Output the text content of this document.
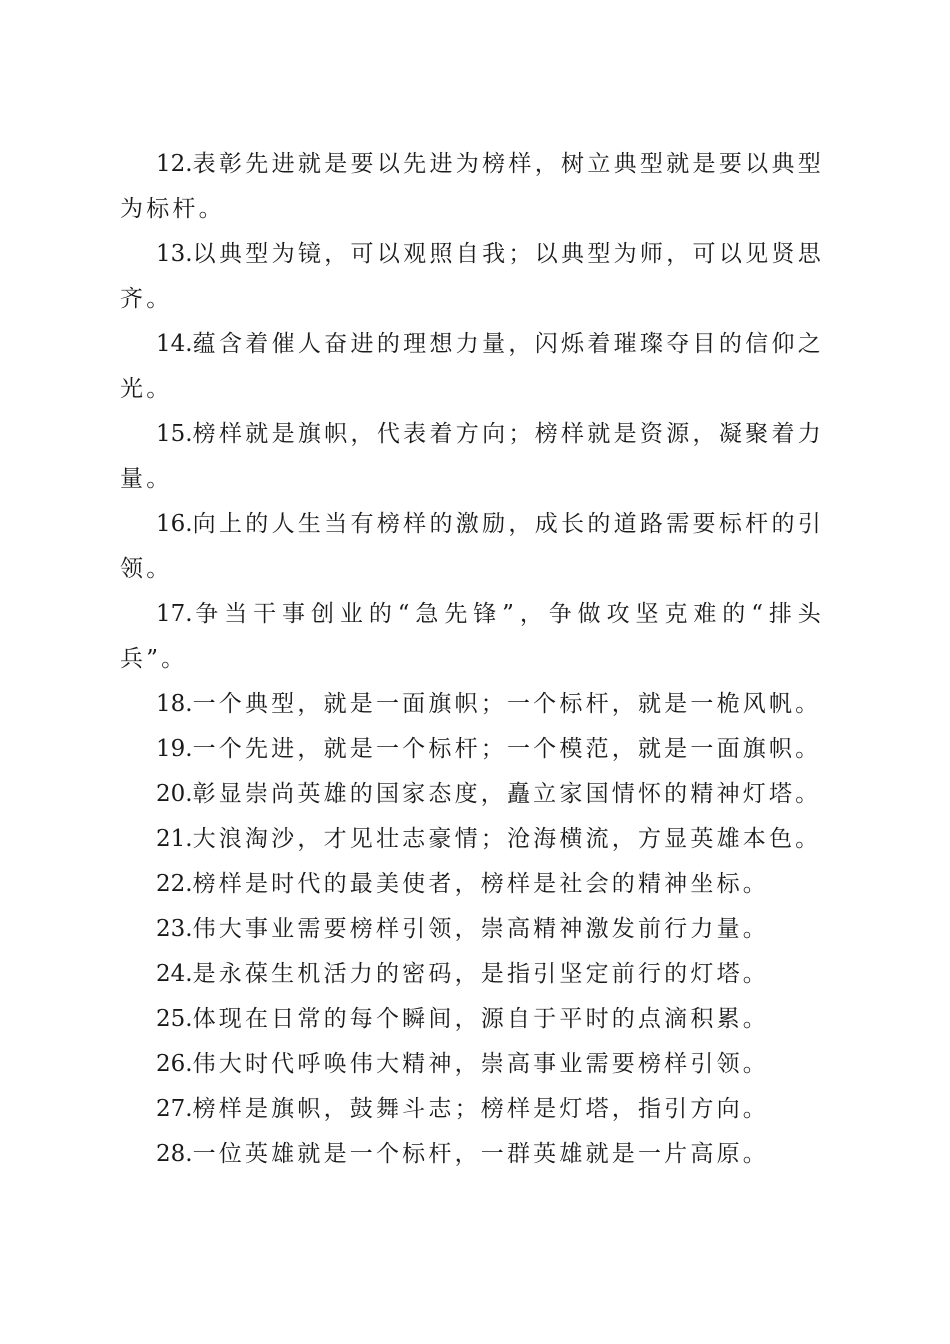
12.表彰先进就是要以先进为榜样，树立典型就是要以典型为标杆。

13.以典型为镜，可以观照自我；以典型为师，可以见贤思齐。

14.蕴含着催人奋进的理想力量，闪烁着璀璨夺目的信仰之光。

15.榜样就是旗帜，代表着方向；榜样就是资源，凝聚着力量。

16.向上的人生当有榜样的激励，成长的道路需要标杆的引领。

17.争当干事创业的“急先锋”，争做攻坚克难的“排头兵”。

18.一个典型，就是一面旗帜；一个标杆，就是一桅风帆。

19.一个先进，就是一个标杆；一个模范，就是一面旗帜。

20.彰显崇尚英雄的国家态度，矗立家国情怀的精神灯塔。

21.大浪淘沙，才见壮志豪情；沧海横流，方显英雄本色。

22.榜样是时代的最美使者，榜样是社会的精神坐标。

23.伟大事业需要榜样引领，崇高精神激发前行力量。

24.是永葆生机活力的密码，是指引坚定前行的灯塔。

25.体现在日常的每个瞬间，源自于平时的点滴积累。

26.伟大时代呼唤伟大精神，崇高事业需要榜样引领。

27.榜样是旗帜，鼓舞斗志；榜样是灯塔，指引方向。

28.一位英雄就是一个标杆，一群英雄就是一片高原。
